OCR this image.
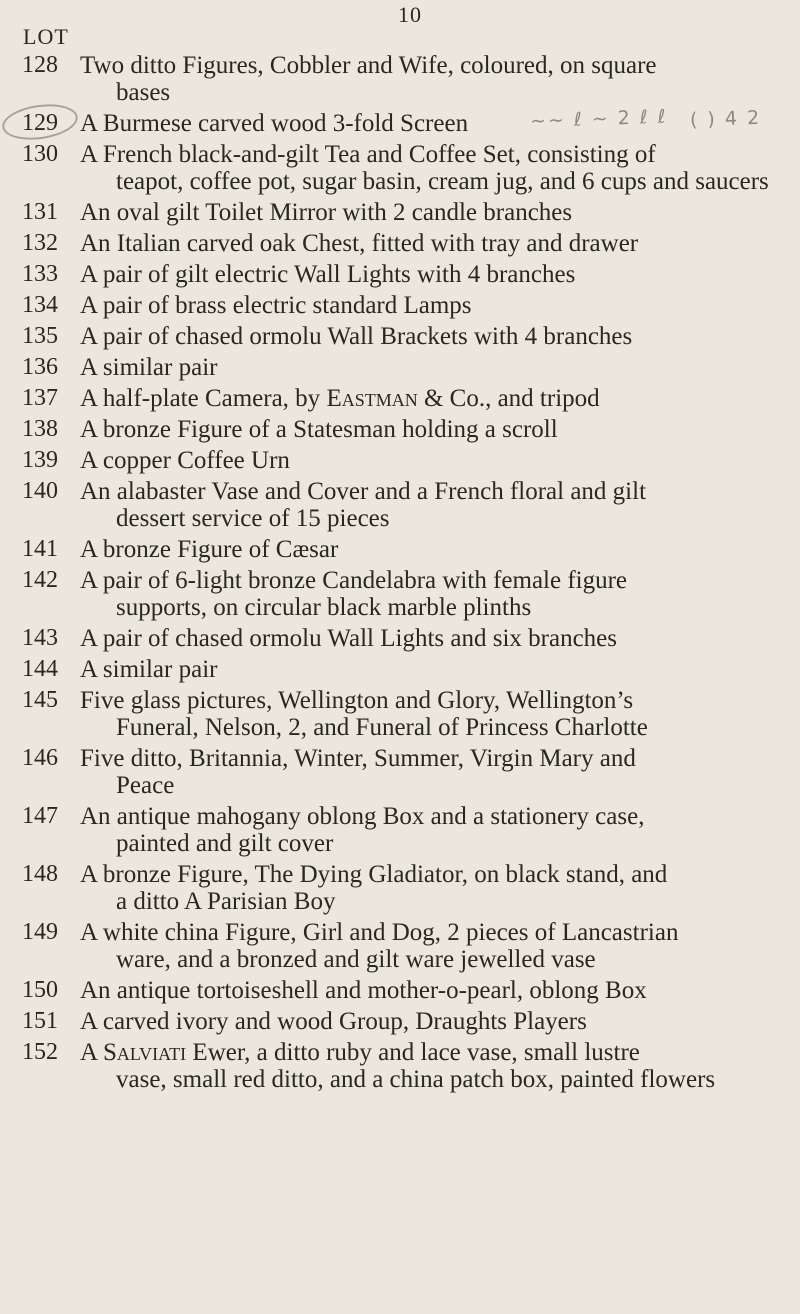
10
LOT
~~ ℓ ~ 2 ℓ ℓ ( ) 4 2
128 Two ditto Figures, Cobbler and Wife, coloured, on square
bases
129 A Burmese carved wood 3-fold Screen
130 A French black-and-gilt Tea and Coffee Set, consisting of
teapot, coffee pot, sugar basin, cream jug, and 6 cups and saucers
131 An oval gilt Toilet Mirror with 2 candle branches
132 An Italian carved oak Chest, fitted with tray and drawer
133 A pair of gilt electric Wall Lights with 4 branches
134 A pair of brass electric standard Lamps
135 A pair of chased ormolu Wall Brackets with 4 branches
136 A similar pair
137 A half-plate Camera, by Eastman & Co., and tripod
138 A bronze Figure of a Statesman holding a scroll
139 A copper Coffee Urn
140 An alabaster Vase and Cover and a French floral and gilt
dessert service of 15 pieces
141 A bronze Figure of Cæsar
142 A pair of 6-light bronze Candelabra with female figure
supports, on circular black marble plinths
143 A pair of chased ormolu Wall Lights and six branches
144 A similar pair
145 Five glass pictures, Wellington and Glory, Wellington’s
Funeral, Nelson, 2, and Funeral of Princess Charlotte
146 Five ditto, Britannia, Winter, Summer, Virgin Mary and
Peace
147 An antique mahogany oblong Box and a stationery case,
painted and gilt cover
148 A bronze Figure, The Dying Gladiator, on black stand, and
a ditto A Parisian Boy
149 A white china Figure, Girl and Dog, 2 pieces of Lancastrian
ware, and a bronzed and gilt ware jewelled vase
150 An antique tortoiseshell and mother-o-pearl, oblong Box
151 A carved ivory and wood Group, Draughts Players
152 A Salviati Ewer, a ditto ruby and lace vase, small lustre
vase, small red ditto, and a china patch box, painted flowers
